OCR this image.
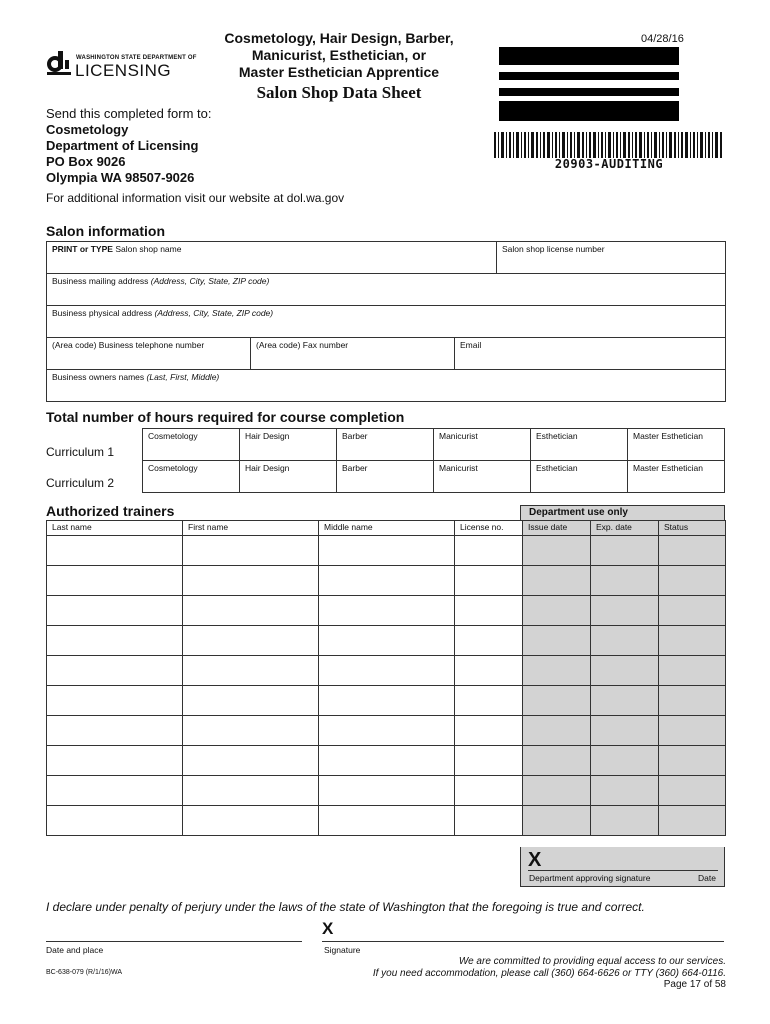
WASHINGTON STATE DEPARTMENT OF
LICENSING
Cosmetology, Hair Design, Barber,
Manicurist, Esthetician, or
Master Esthetician Apprentice
Salon Shop Data Sheet
04/28/16
20903-AUDITING
Send this completed form to:
Cosmetology
Department of Licensing
PO Box 9026
Olympia WA 98507-9026
For additional information visit our website at dol.wa.gov
Salon information
PRINT or TYPE Salon shop name			Salon shop license number
Business mailing address (Address, City, State, ZIP code)			
Business physical address (Address, City, State, ZIP code)			
(Area code) Business telephone number	(Area code) Fax number	Email	
Business owners names (Last, First, Middle)			
Total number of hours required for course completion
Curriculum 1
Curriculum 2
Cosmetology	Hair Design	Barber	Manicurist	Esthetician	Master Esthetician
Cosmetology	Hair Design	Barber	Manicurist	Esthetician	Master Esthetician
Authorized trainers	Department use only
Last name	First name	Middle name	License no.	Issue date	Exp. date	Status

X
Department approving signature	Date
I declare under penalty of perjury under the laws of the state of Washington that the foregoing is true and correct.
Date and place
X
Signature
BC-638-079 (R/1/16)WA
We are committed to providing equal access to our services.
If you need accommodation, please call (360) 664-6626 or TTY (360) 664-0116.
Page 17 of 58
